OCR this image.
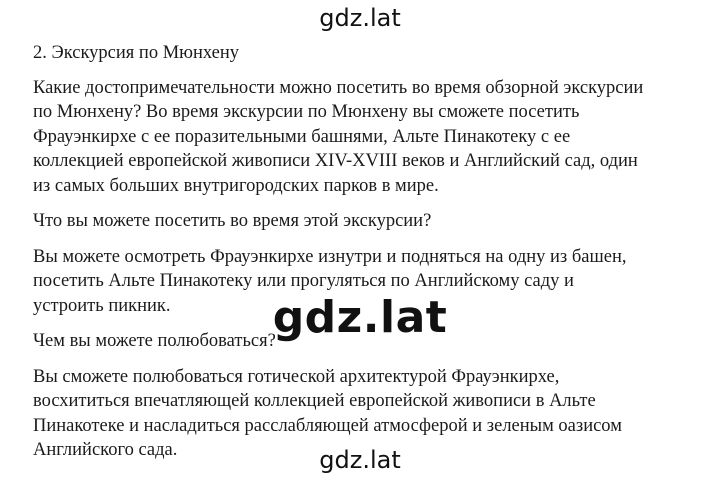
gdz.lat

2. Экскурсия по Мюнхену

Какие достопримечательности можно посетить во время обзорной экскурсии
по Мюнхену? Во время экскурсии по Мюнхену вы сможете посетить
Фрауэнкирхе с ее поразительными башнями, Альте Пинакотеку с ее
коллекцией европейской живописи XIV-XVIII веков и Английский сад, один
из самых больших внутригородских парков в мире.

Что вы можете посетить во время этой экскурсии?

Вы можете осмотреть Фрауэнкирхе изнутри и подняться на одну из башен,
посетить Альте Пинакотеку или прогуляться по Английскому саду и
устроить пикник.

Чем вы можете полюбоваться?

Вы сможете полюбоваться готической архитектурой Фрауэнкирхе,
восхититься впечатляющей коллекцией европейской живописи в Альте
Пинакотеке и насладиться расслабляющей атмосферой и зеленым оазисом
Английского сада.

gdz.lat
gdz.lat
